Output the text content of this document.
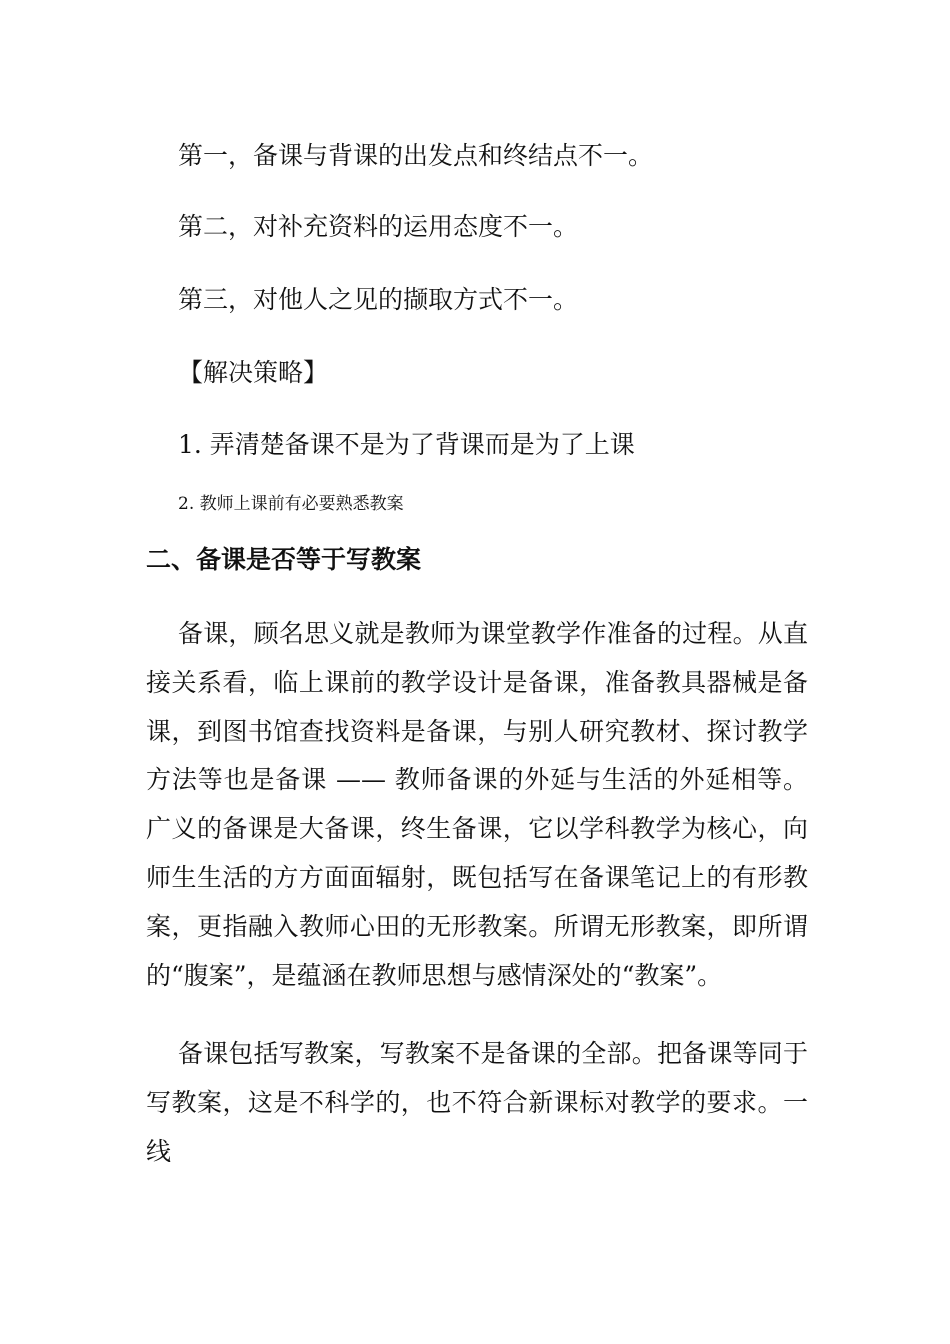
第一，备课与背课的出发点和终结点不一。
第二，对补充资料的运用态度不一。
第三，对他人之见的撷取方式不一。
【解决策略】
1. 弄清楚备课不是为了背课而是为了上课
2. 教师上课前有必要熟悉教案
二、备课是否等于写教案
备课，顾名思义就是教师为课堂教学作准备的过程。从直接关系看，临上课前的教学设计是备课，准备教具器械是备课，到图书馆查找资料是备课，与别人研究教材、探讨教学方法等也是备课 —— 教师备课的外延与生活的外延相等。广义的备课是大备课，终生备课，它以学科教学为核心，向师生生活的方方面面辐射，既包括写在备课笔记上的有形教案，更指融入教师心田的无形教案。所谓无形教案，即所谓的“腹案”，是蕴涵在教师思想与感情深处的“教案”。
备课包括写教案，写教案不是备课的全部。把备课等同于写教案，这是不科学的，也不符合新课标对教学的要求。一线
